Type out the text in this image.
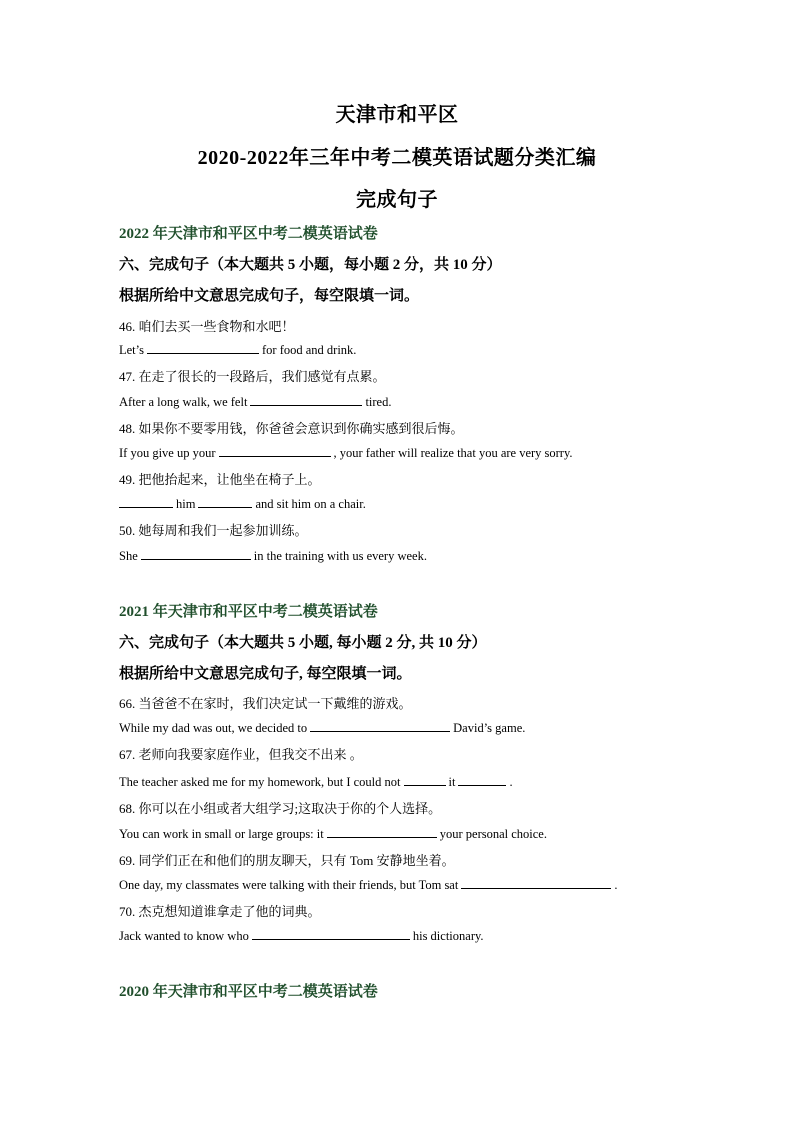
天津市和平区
2020-2022年三年中考二模英语试题分类汇编
完成句子
2022 年天津市和平区中考二模英语试卷
六、完成句子（本大题共 5 小题，每小题 2 分，共 10 分）
根据所给中文意思完成句子，每空限填一词。
46. 咱们去买一些食物和水吧！
Let’s	for food and drink.
47. 在走了很长的一段路后，我们感觉有点累。
After a long walk, we felt	tired.
48. 如果你不要零用钱，你爸爸会意识到你确实感到很后悔。
If you give up your	, your father will realize that you are very sorry.
49. 把他抬起来，让他坐在椅子上。
him	and sit him on a chair.
50. 她每周和我们一起参加训练。
She	in the training with us every week.
2021 年天津市和平区中考二模英语试卷
六、完成句子（本大题共 5 小题, 每小题 2 分, 共 10 分）
根据所给中文意思完成句子, 每空限填一词。
66. 当爸爸不在家时，我们决定试一下戴维的游戏。
While my dad was out, we decided to	David’s game.
67. 老师向我要家庭作业，但我交不出来 。
The teacher asked me for my homework, but I could not	it	.
68. 你可以在小组或者大组学习;这取决于你的个人选择。
You can work in small or large groups: it	your personal choice.
69. 同学们正在和他们的朋友聊天，只有 Tom 安静地坐着。
One day, my classmates were talking with their friends, but Tom sat	.
70. 杰克想知道谁拿走了他的词典。
Jack wanted to know who	his dictionary.
2020 年天津市和平区中考二模英语试卷
